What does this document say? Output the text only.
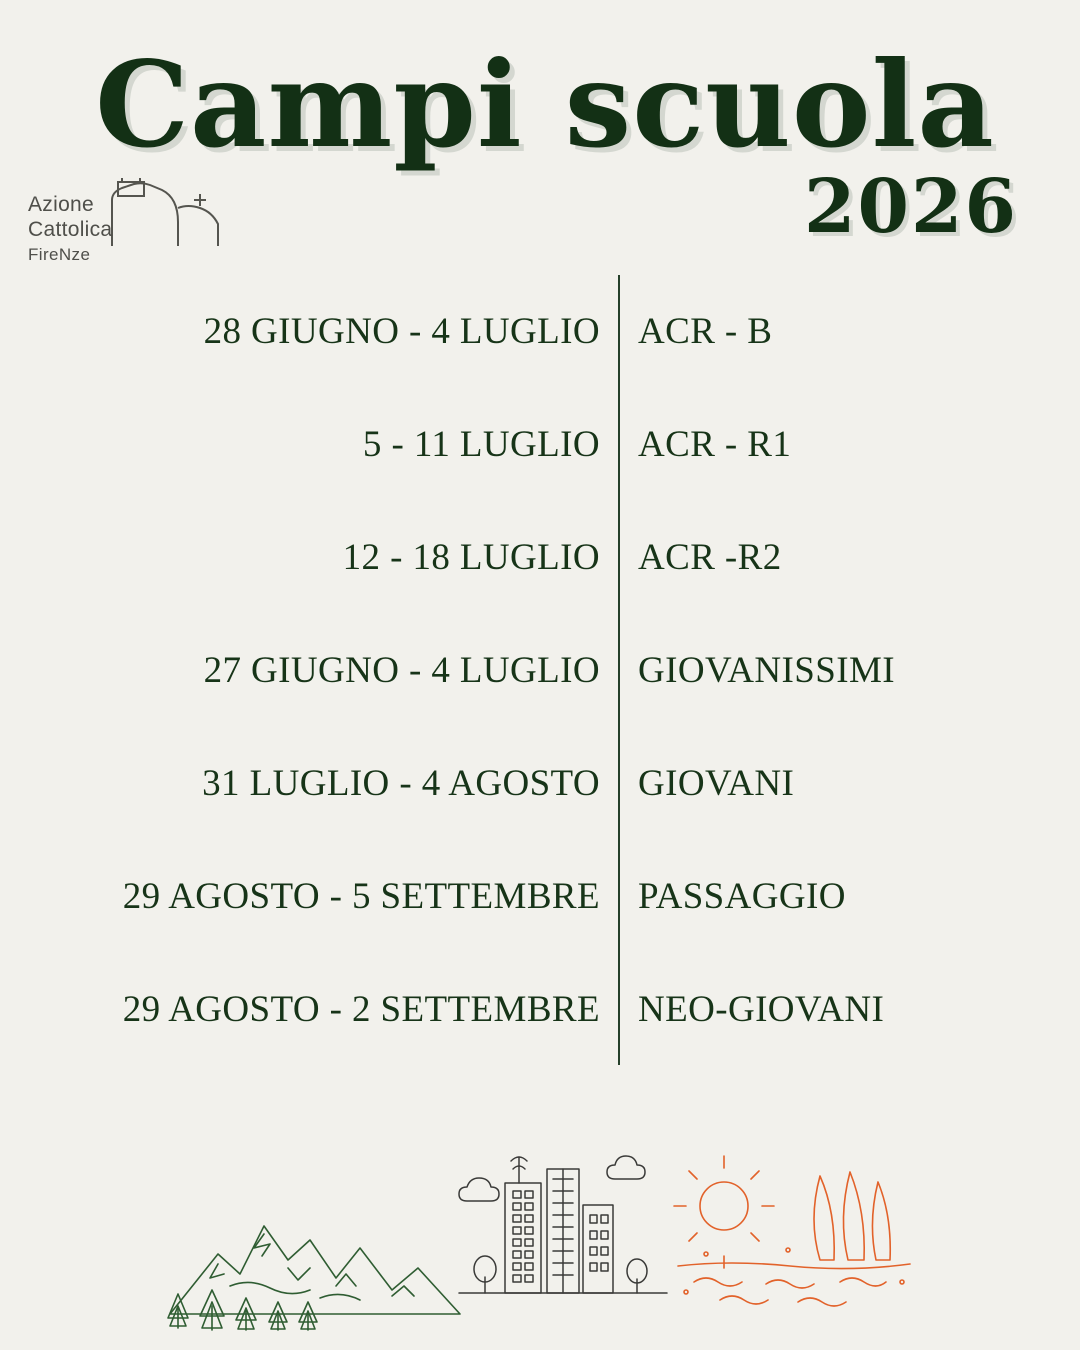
Campi scuola
2026
Azione
Cattolica
FireNze
28 GIUGNO - 4 LUGLIO	ACR - B
5 - 11 LUGLIO	ACR - R1
12 - 18 LUGLIO	ACR -R2
27 GIUGNO - 4 LUGLIO	GIOVANISSIMI
31 LUGLIO - 4 AGOSTO	GIOVANI
29 AGOSTO - 5 SETTEMBRE	PASSAGGIO
29 AGOSTO - 2 SETTEMBRE	NEO-GIOVANI
